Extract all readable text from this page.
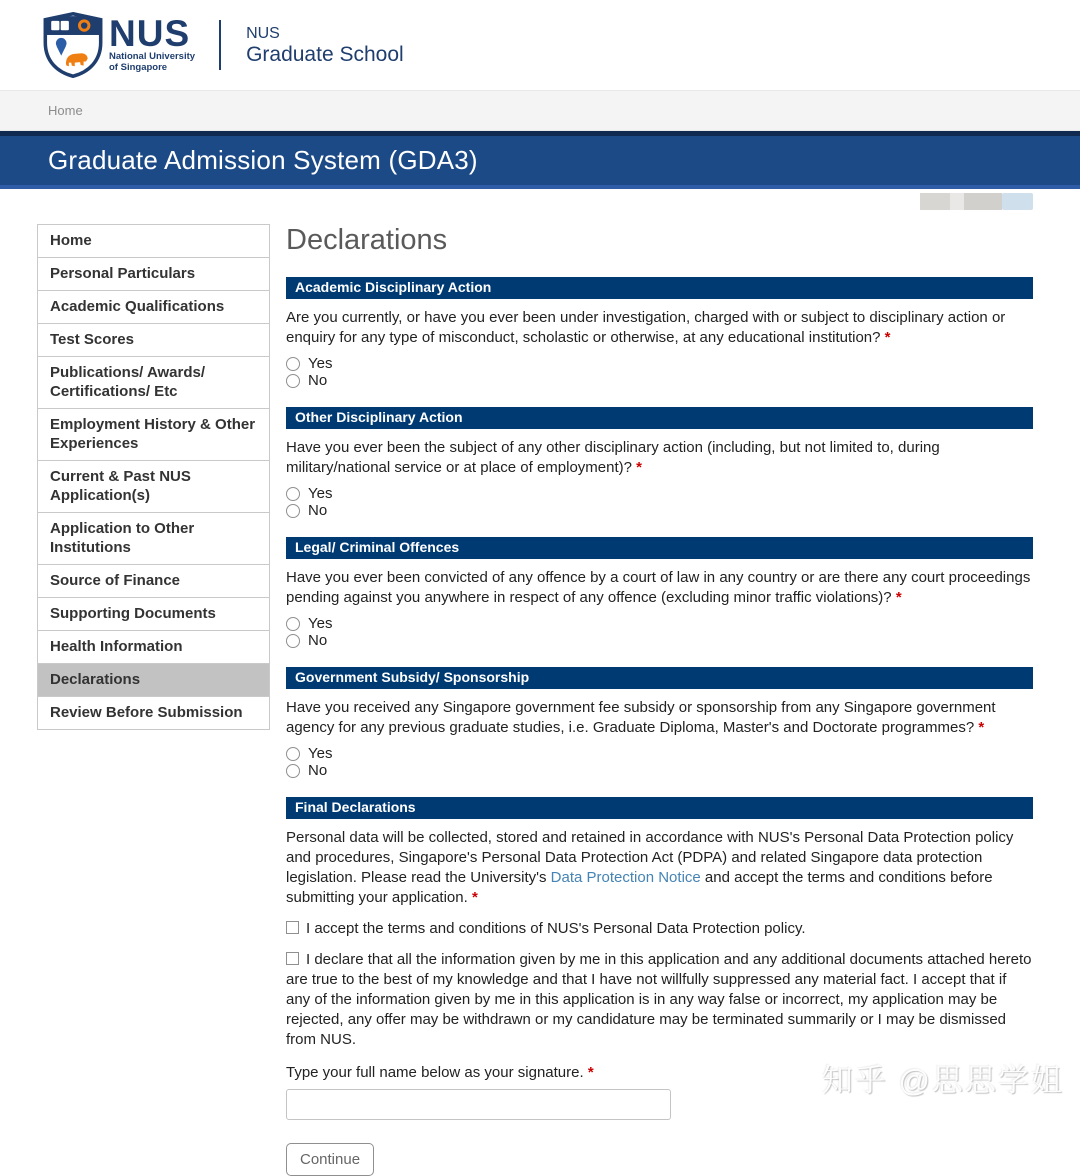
NUS
National University
of Singapore
NUS
Graduate School
Home
Graduate Admission System (GDA3)
Home
Personal Particulars
Academic Qualifications
Test Scores
Publications/ Awards/ Certifications/ Etc
Employment History & Other Experiences
Current & Past NUS Application(s)
Application to Other Institutions
Source of Finance
Supporting Documents
Health Information
Declarations
Review Before Submission
Declarations
Academic Disciplinary Action

Are you currently, or have you ever been under investigation, charged with or subject to disciplinary action or enquiry for any type of misconduct, scholastic or otherwise, at any educational institution? *

Yes
No
Other Disciplinary Action

Have you ever been the subject of any other disciplinary action (including, but not limited to, during military/national service or at place of employment)? *

Yes
No
Legal/ Criminal Offences

Have you ever been convicted of any offence by a court of law in any country or are there any court proceedings pending against you anywhere in respect of any offence (excluding minor traffic violations)? *

Yes
No
Government Subsidy/ Sponsorship

Have you received any Singapore government fee subsidy or sponsorship from any Singapore government agency for any previous graduate studies, i.e. Graduate Diploma, Master's and Doctorate programmes? *

Yes
No
Final Declarations

Personal data will be collected, stored and retained in accordance with NUS's Personal Data Protection policy and procedures, Singapore's Personal Data Protection Act (PDPA) and related Singapore data protection legislation. Please read the University's Data Protection Notice and accept the terms and conditions before submitting your application. *

I accept the terms and conditions of NUS's Personal Data Protection policy.

I declare that all the information given by me in this application and any additional documents attached hereto are true to the best of my knowledge and that I have not willfully suppressed any material fact. I accept that if any of the information given by me in this application is in any way false or incorrect, my application may be rejected, any offer may be withdrawn or my candidature may be terminated summarily or I may be dismissed from NUS.

Type your full name below as your signature. *

Continue
知乎 @思思学姐
